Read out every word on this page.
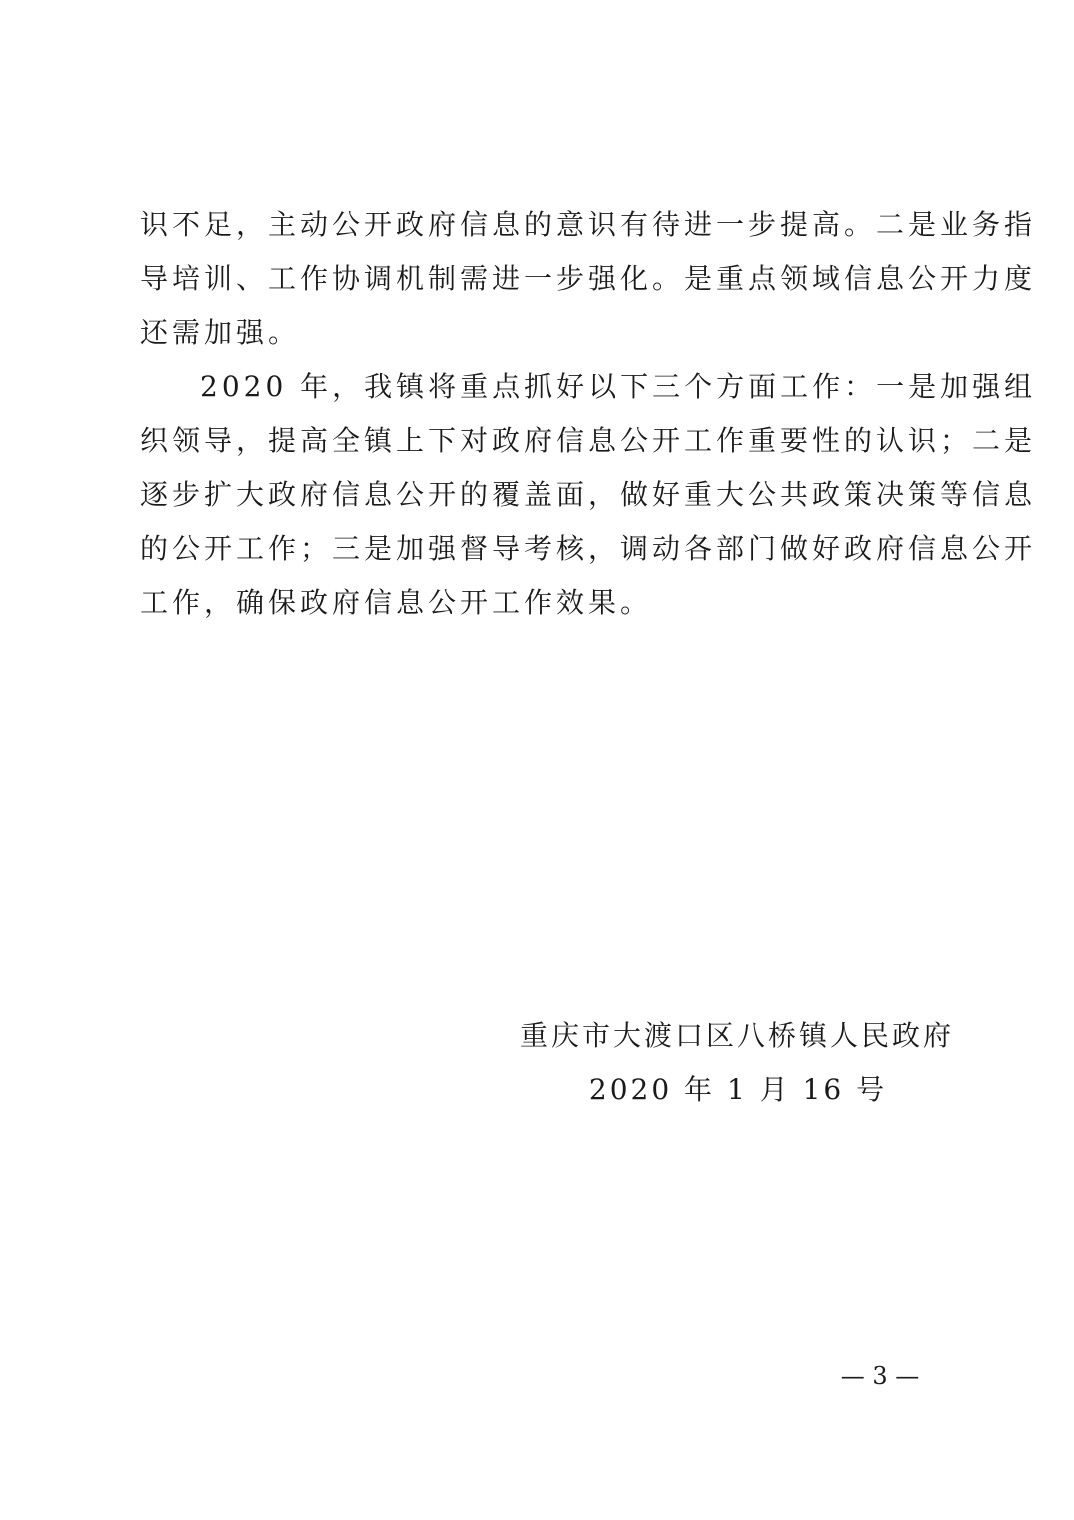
识不足，主动公开政府信息的意识有待进一步提高。二是业务指
导培训、工作协调机制需进一步强化。是重点领域信息公开力度
还需加强。
2020 年，我镇将重点抓好以下三个方面工作：一是加强组
织领导，提高全镇上下对政府信息公开工作重要性的认识；二是
逐步扩大政府信息公开的覆盖面，做好重大公共政策决策等信息
的公开工作；三是加强督导考核，调动各部门做好政府信息公开
工作，确保政府信息公开工作效果。
重庆市大渡口区八桥镇人民政府
2020 年 1 月 16 号
— 3 —
